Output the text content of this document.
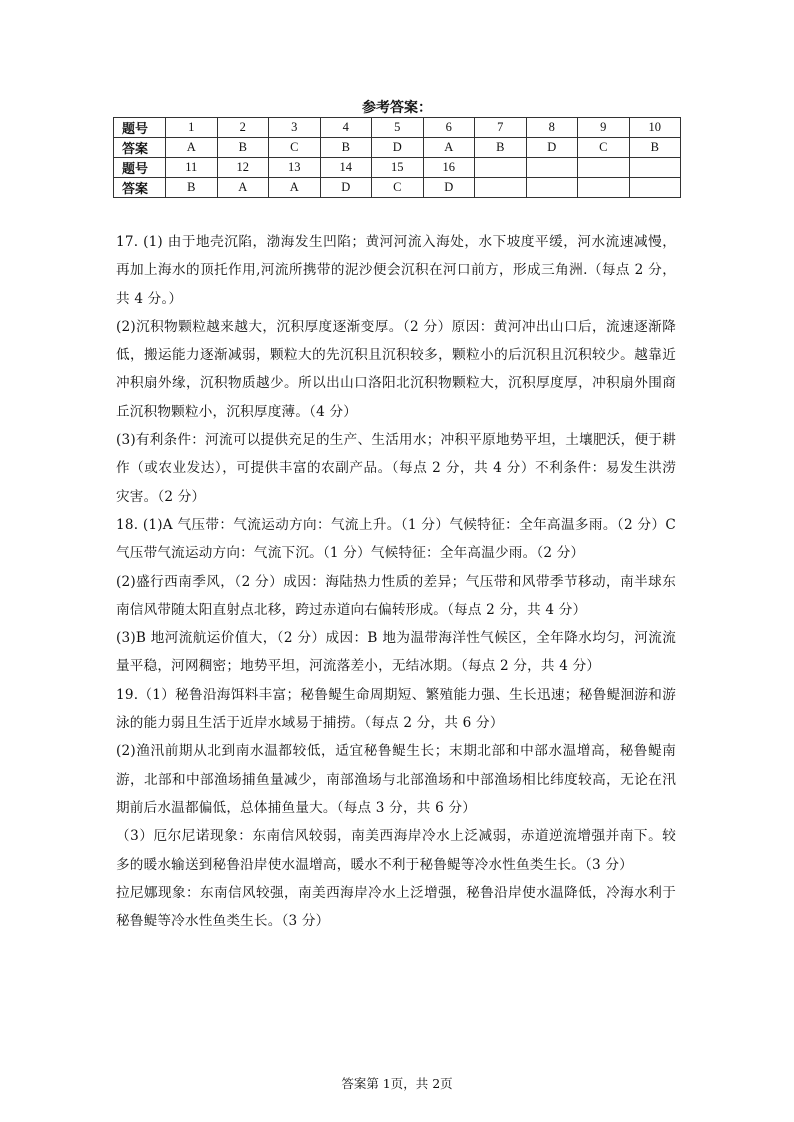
参考答案：
题号	1	2	3	4	5	6	7	8	9	10
答案	A	B	C	B	D	A	B	D	C	B
题号	11	12	13	14	15	16				
答案	B	A	A	D	C	D				

17. (1) 由于地壳沉陷，渤海发生凹陷；黄河河流入海处，水下坡度平缓，河水流速减慢，再加上海水的顶托作用,河流所携带的泥沙便会沉积在河口前方，形成三角洲.（每点 2 分，共 4 分。）

(2)沉积物颗粒越来越大，沉积厚度逐渐变厚。（2 分）原因：黄河冲出山口后，流速逐渐降低，搬运能力逐渐减弱，颗粒大的先沉积且沉积较多，颗粒小的后沉积且沉积较少。越靠近冲积扇外缘，沉积物质越少。所以出山口洛阳北沉积物颗粒大，沉积厚度厚，冲积扇外围商丘沉积物颗粒小，沉积厚度薄。（4 分）

(3)有利条件：河流可以提供充足的生产、生活用水；冲积平原地势平坦，土壤肥沃，便于耕作（或农业发达），可提供丰富的农副产品。（每点 2 分，共 4 分）不利条件：易发生洪涝灾害。（2 分）

18. (1)A 气压带：气流运动方向：气流上升。（1 分）气候特征：全年高温多雨。（2 分）C 气压带气流运动方向：气流下沉。（1 分）气候特征：全年高温少雨。（2 分）

(2)盛行西南季风，（2 分）成因：海陆热力性质的差异；气压带和风带季节移动，南半球东南信风带随太阳直射点北移，跨过赤道向右偏转形成。（每点 2 分，共 4 分）

(3)B 地河流航运价值大，（2 分）成因：B 地为温带海洋性气候区，全年降水均匀，河流流量平稳，河网稠密；地势平坦，河流落差小，无结冰期。（每点 2 分，共 4 分）

19.（1）秘鲁沿海饵料丰富；秘鲁鳀生命周期短、繁殖能力强、生长迅速；秘鲁鳀洄游和游泳的能力弱且生活于近岸水域易于捕捞。（每点 2 分，共 6 分）

(2)渔汛前期从北到南水温都较低，适宜秘鲁鳀生长；末期北部和中部水温增高，秘鲁鳀南游，北部和中部渔场捕鱼量减少，南部渔场与北部渔场和中部渔场相比纬度较高，无论在汛期前后水温都偏低，总体捕鱼量大。（每点 3 分，共 6 分）

（3）厄尔尼诺现象：东南信风较弱，南美西海岸冷水上泛减弱，赤道逆流增强并南下。较多的暖水输送到秘鲁沿岸使水温增高，暖水不利于秘鲁鳀等冷水性鱼类生长。（3 分）

拉尼娜现象：东南信风较强，南美西海岸冷水上泛增强，秘鲁沿岸使水温降低，冷海水利于秘鲁鳀等冷水性鱼类生长。（3 分）

答案第 1页，共 2页
